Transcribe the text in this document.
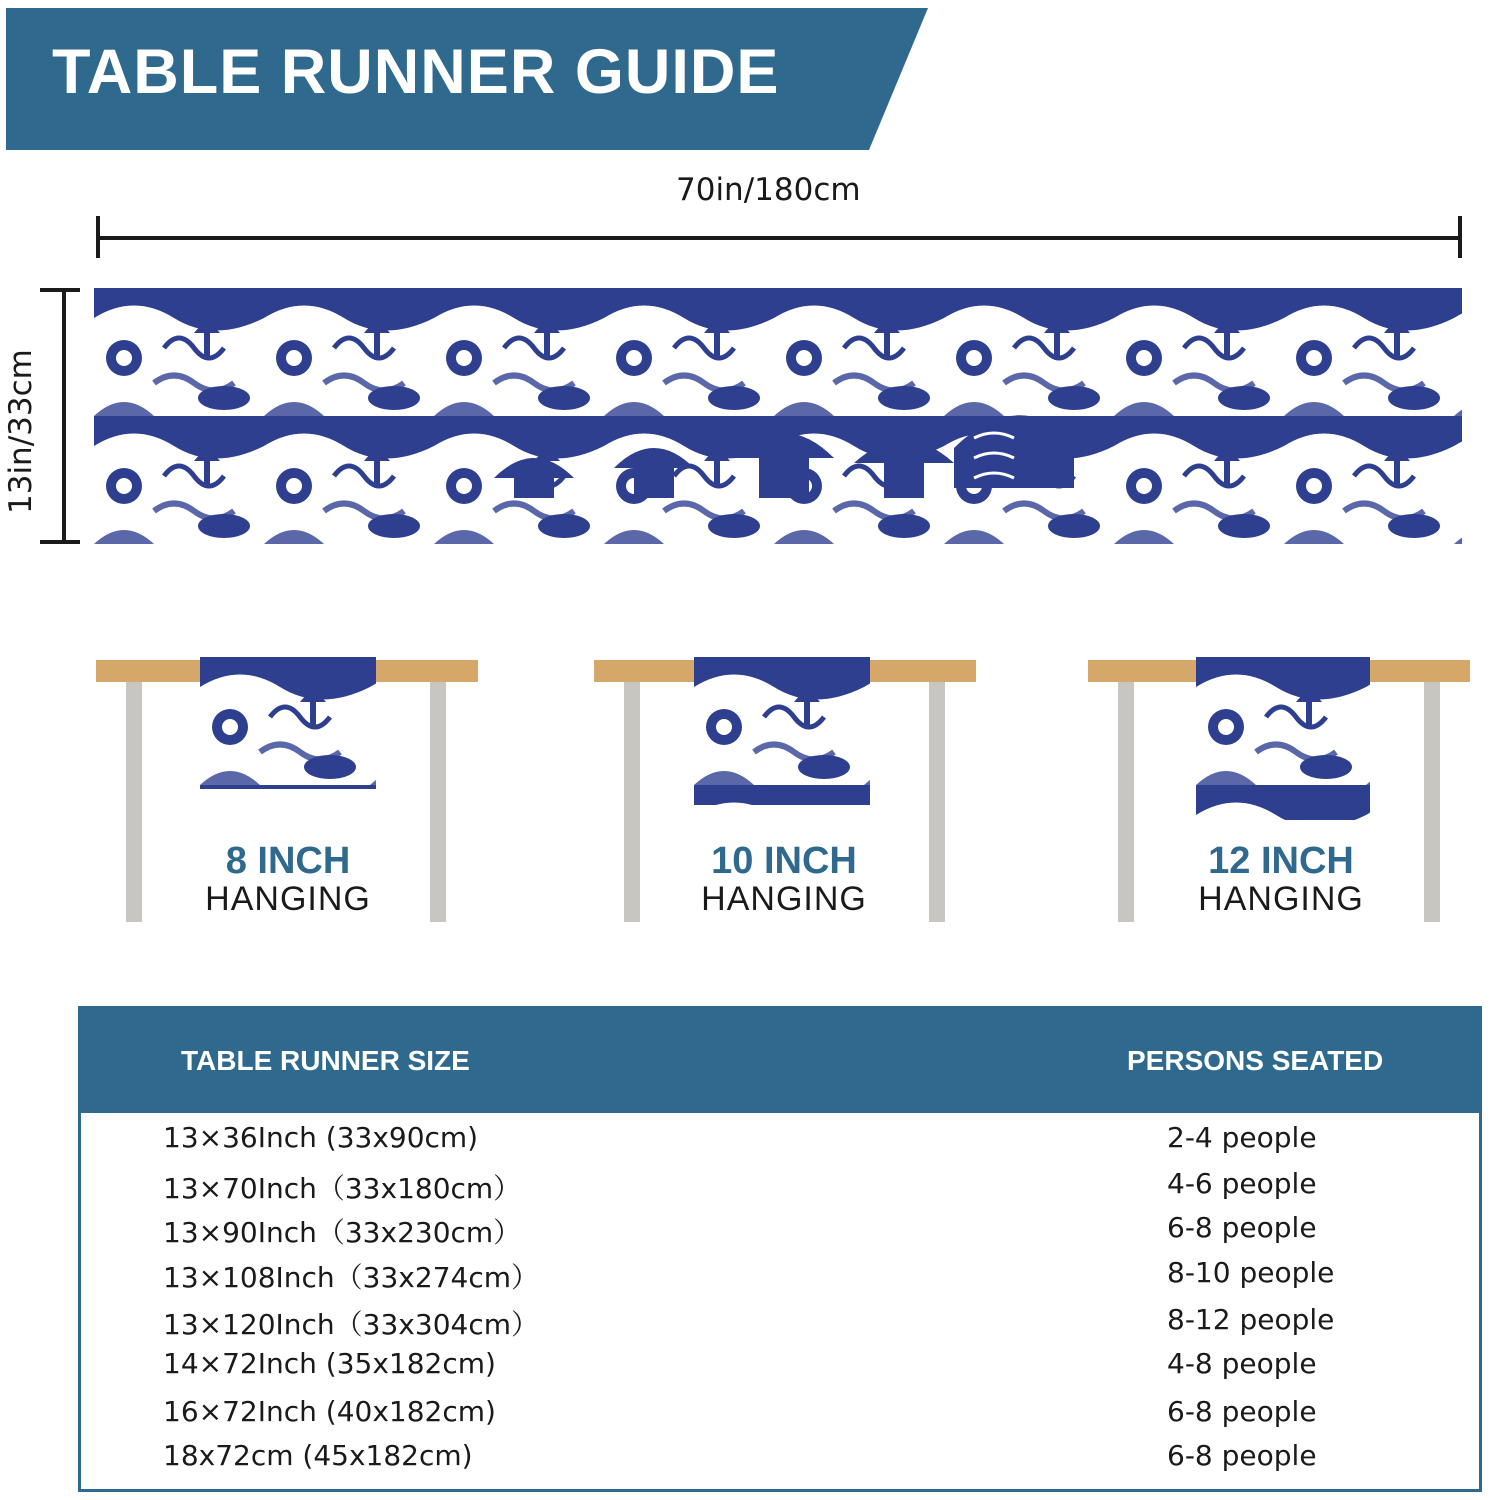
TABLE RUNNER GUIDE
70in/180cm
13in/33cm
8 INCH
HANGING
10 INCH
HANGING
12 INCH
HANGING
TABLE RUNNER SIZE	PERSONS SEATED
13×36Inch (33x90cm)	2-4 people
13×70Inch（33x180cm）	4-6 people
13×90Inch（33x230cm）	6-8 people
13×108Inch（33x274cm）	8-10 people
13×120Inch（33x304cm）	8-12 people
14×72Inch (35x182cm)	4-8 people
16×72Inch (40x182cm)	6-8 people
18x72cm (45x182cm)	6-8 people
